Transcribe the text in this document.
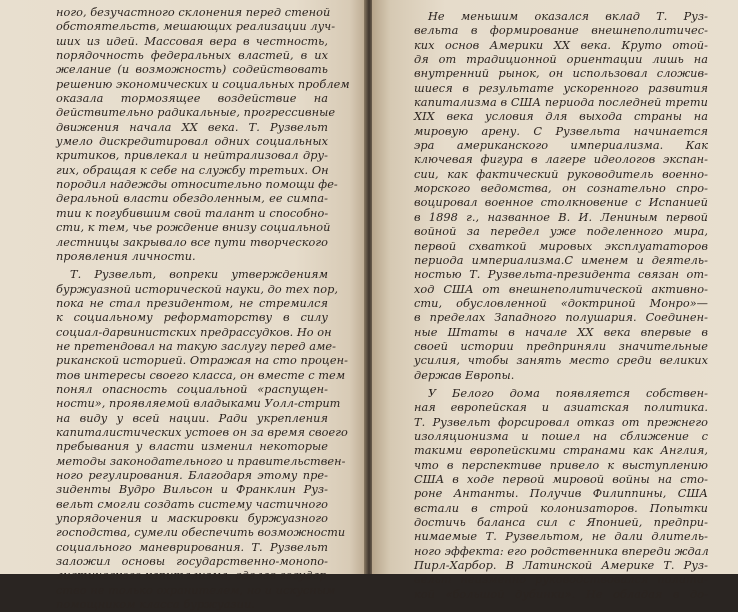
ного, безучастного склонения перед стеной
обстоятельств, мешающих реализации луч-
ших из идей. Массовая вера в честность,
порядочность федеральных властей, в их
желание (и возможность) содействовать
решению экономических и социальных проблем
оказала тормозящее воздействие на
действительно радикальные, прогрессивные
движения начала XX века. Т. Рузвельт
умело дискредитировал одних социальных
критиков, привлекал и нейтрализовал дру-
гих, обращая к себе на службу третьих. Он
породил надежды относительно помощи фе-
деральной власти обездоленным, ее симпа-
тии к погубившим свой талант и способно-
сти, к тем, чье рождение внизу социальной
лестницы закрывало все пути творческого
проявления личности.
Т. Рузвельт, вопреки утверждениям
буржуазной исторической науки, до тех пор,
пока не стал президентом, не стремился
к социальному реформаторству в силу
социал-дарвинистских предрассудков. Но он
не претендовал на такую заслугу перед аме-
риканской историей. Отражая на сто процен-
тов интересы своего класса, он вместе с тем
понял опасность социальной «распущен-
ности», проявляемой владыками Уолл-стрит
на виду у всей нации. Ради укрепления
капиталистических устоев он за время своего
пребывания у власти изменил некоторые
методы законодательного и правительствен-
ного регулирования. Благодаря этому пре-
зиденты Вудро Вильсон и Франклин Руз-
вельт смогли создать систему частичного
упорядочения и маскировки буржуазного
господства, сумели обеспечить возможности
социального маневрирования. Т. Рузвельт
заложил основы государственно-монопо-
листического капитализма, сделав государ-
ство не только охранителем, но и искусным
помощником класса буржуазии.
Не меньшим оказался вклад Т. Руз-
вельта в формирование внешнеполитичес-
ких основ Америки XX века. Круто отой-
дя от традиционной ориентации лишь на
внутренний рынок, он использовал сложив-
шиеся в результате ускоренного развития
капитализма в США периода последней трети
XIX века условия для выхода страны на
мировую арену. С Рузвельта начинается
эра американского империализма. Как
ключевая фигура в лагере идеологов экспан-
сии, как фактический руководитель военно-
морского ведомства, он сознательно спро-
воцировал военное столкновение с Испанией
в 1898 г., названное В. И. Лениным первой
войной за передел уже поделенного мира,
первой схваткой мировых эксплуататоров
периода империализма.С именем и деятель-
ностью Т. Рузвельта-президента связан от-
ход США от внешнеполитической активно-
сти, обусловленной «доктриной Монро»—
в пределах Западного полушария. Соединен-
ные Штаты в начале XX века впервые в
своей истории предприняли значительные
усилия, чтобы занять место среди великих
держав Европы.
У Белого дома появляется собствен-
ная европейская и азиатская политика.
Т. Рузвельт форсировал отказ от прежнего
изоляционизма и пошел на сближение с
такими европейскими странами как Англия,
что в перспективе привело к выступлению
США в ходе первой мировой войны на сто-
роне Антанты. Получив Филиппины, США
встали в строй колонизаторов. Попытки
достичь баланса сил с Японией, предпри-
нимаемые Т. Рузвельтом, не дали длитель-
ного эффекта: его родственника впереди ждал
Пирл-Харбор. В Латинской Америке Т. Руз-
вельт неизменно руководствовался полити-
кой «большой дубинки». Не обладая в до-
